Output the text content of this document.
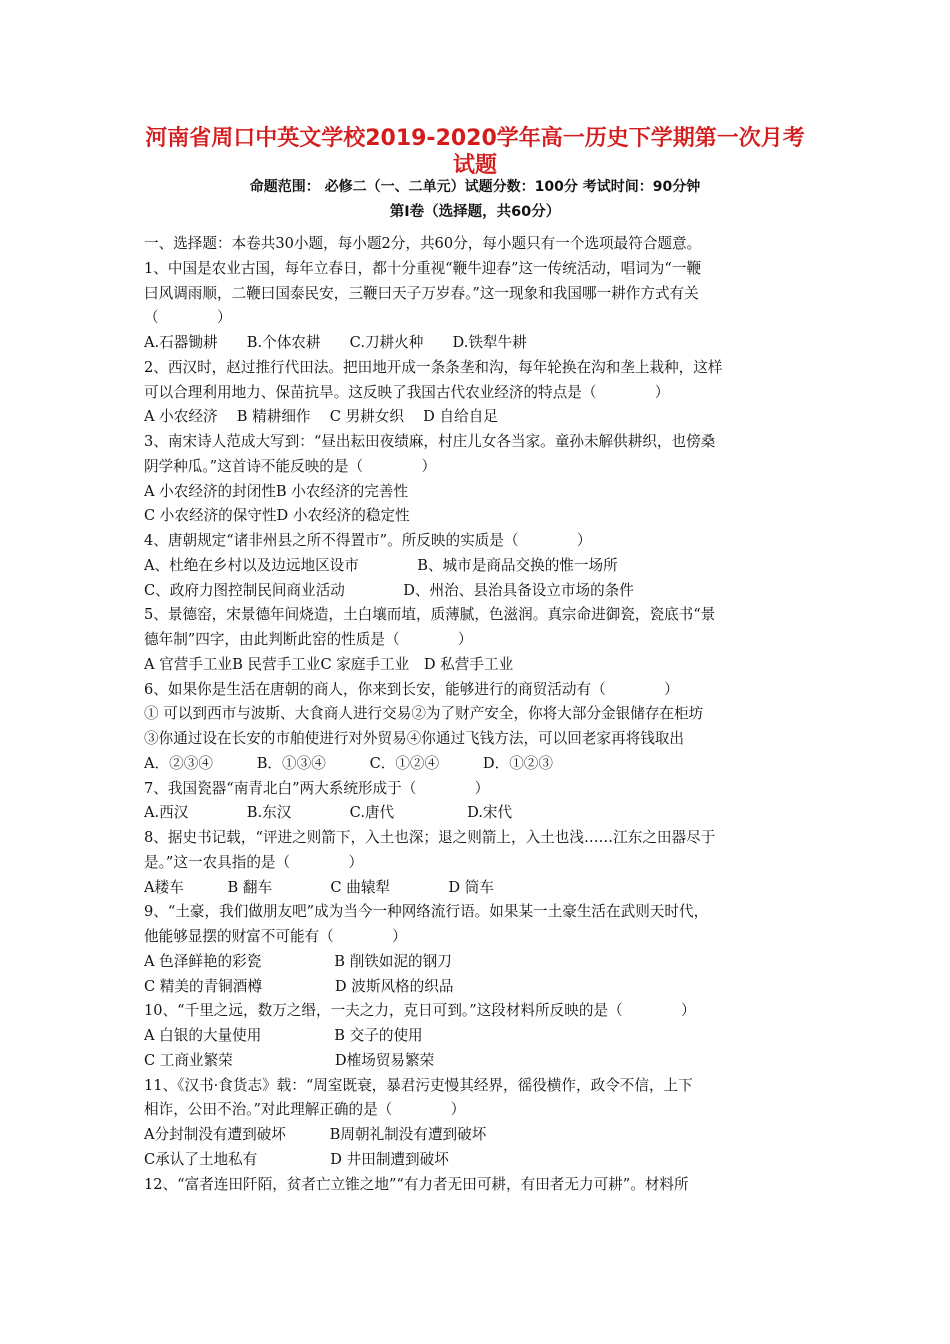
河南省周口中英文学校2019-2020学年高一历史下学期第一次月考
试题
命题范围： 必修二（一、二单元）试题分数：100分 考试时间：90分钟
第Ⅰ卷（选择题，共60分）
一、选择题：本卷共30小题，每小题2分，共60分，每小题只有一个选项最符合题意。
1、中国是农业古国，每年立春日，都十分重视“鞭牛迎春”这一传统活动，唱词为“一鞭
曰风调雨顺，二鞭曰国泰民安，三鞭曰天子万岁春。”这一现象和我国哪一耕作方式有关
（　　　　）
A.石器锄耕　　B.个体农耕　　C.刀耕火种　　D.铁犁牛耕
2、西汉时，赵过推行代田法。把田地开成一条条垄和沟，每年轮换在沟和垄上栽种，这样
可以合理利用地力、保苗抗旱。这反映了我国古代农业经济的特点是（　　　　）
A 小农经济　 B 精耕细作　 C 男耕女织　 D 自给自足
3、南宋诗人范成大写到：“昼出耘田夜绩麻，村庄儿女各当家。童孙未解供耕织，也傍桑
阴学种瓜。”这首诗不能反映的是（　　　　）
A 小农经济的封闭性B 小农经济的完善性
C 小农经济的保守性D 小农经济的稳定性
4、唐朝规定“诸非州县之所不得置市”。所反映的实质是（　　　　）
A、杜绝在乡村以及边远地区设市　　　　B、城市是商品交换的惟一场所
C、政府力图控制民间商业活动　　　　D、州治、县治具备设立市场的条件
5、景德窑，宋景德年间烧造，土白壤而埴，质薄腻，色滋润。真宗命进御瓷，瓷底书“景
德年制”四字，由此判断此窑的性质是（　　　　）
A 官营手工业B 民营手工业C 家庭手工业　D 私营手工业
6、如果你是生活在唐朝的商人，你来到长安，能够进行的商贸活动有（　　　　）
① 可以到西市与波斯、大食商人进行交易②为了财产安全，你将大部分金银储存在柜坊
③你通过设在长安的市舶使进行对外贸易④你通过飞钱方法，可以回老家再将钱取出
A．②③④　　　B．①③④　　　C．①②④　　　D．①②③
7、我国瓷器“南青北白”两大系统形成于（　　　　）
A.西汉　　　　B.东汉　　　　C.唐代　　　　　D.宋代
8、据史书记载，“评进之则箭下，入土也深；退之则箭上，入土也浅……江东之田器尽于
是。”这一农具指的是（　　　　）
A耧车　　　B 翻车　　　　C 曲辕犁　　　　D 筒车
9、“土豪，我们做朋友吧”成为当今一种网络流行语。如果某一土豪生活在武则天时代，
他能够显摆的财富不可能有（　　　　）
A 色泽鲜艳的彩瓷　　　　　B 削铁如泥的钢刀
C 精美的青铜酒樽　　　　　D 波斯风格的织品
10、“千里之远，数万之缗，一夫之力，克日可到。”这段材料所反映的是（　　　　）
A 白银的大量使用　　　　　B 交子的使用
C 工商业繁荣　　　　　　　D榷场贸易繁荣
11、《汉书·食货志》载：“周室既衰，暴君污吏慢其经界，徭役横作，政令不信，上下
相诈，公田不治。”对此理解正确的是（　　　　）
A分封制没有遭到破坏　　　B周朝礼制没有遭到破坏
C承认了土地私有　　　　　D 井田制遭到破坏
12、“富者连田阡陌，贫者亡立锥之地”“有力者无田可耕，有田者无力可耕”。材料所
